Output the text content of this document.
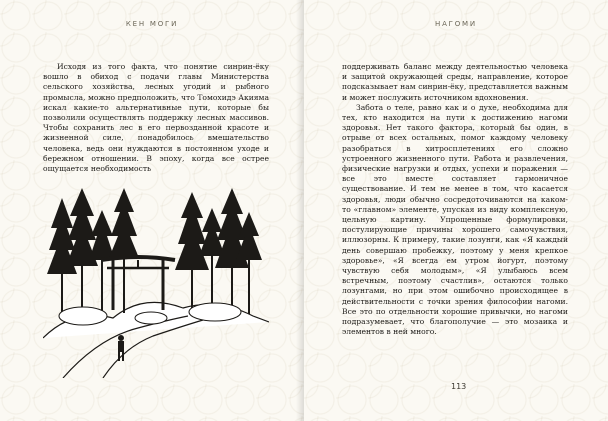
КЕН МОГИ

Исходя из того факта, что понятие синрин-ёку вошло в обиход с подачи главы Министерства сельского хозяйства, лесных угодий и рыбного промысла, можно предположить, что Томохидэ Акияма искал какие-то альтернативные пути, которые бы позволили осуществлять поддержку лесных массивов. Чтобы сохранить лес в его первозданной красоте и жизненной силе, понадобилось вмешательство человека, ведь они нуждаются в постоянном уходе и бережном отношении. В эпоху, когда все острее ощущается необходимость

НАГОМИ

поддерживать баланс между деятельностью человека и защитой окружающей среды, направление, которое подсказывает нам синрин-ёку, представляется важным и может послужить источником вдохновения.

Забота о теле, равно как и о духе, необходима для тех, кто находится на пути к достижению нагоми здоровья. Нет такого фактора, который бы один, в отрыве от всех остальных, помог каждому человеку разобраться в хитросплетениях его сложно устроенного жизненного пути. Работа и развлечения, физические нагрузки и отдых, успехи и поражения — все это вместе составляет гармоничное существование. И тем не менее в том, что касается здоровья, люди обычно сосредоточиваются на каком-то «главном» элементе, упуская из виду комплексную, цельную картину. Упрощенные формулировки, постулирующие причины хорошего самочувствия, иллюзорны. К примеру, такие лозунги, как «Я каждый день совершаю пробежку, поэтому у меня крепкое здоровье», «Я всегда ем утром йогурт, поэтому чувствую себя молодым», «Я улыбаюсь всем встречным, поэтому счастлив», остаются только лозунгами, но при этом ошибочно происходящее в действительности с точки зрения философии нагоми. Все это по отдельности хорошие привычки, но нагоми подразумевает, что благополучие — это мозаика и элементов в ней много.

113
